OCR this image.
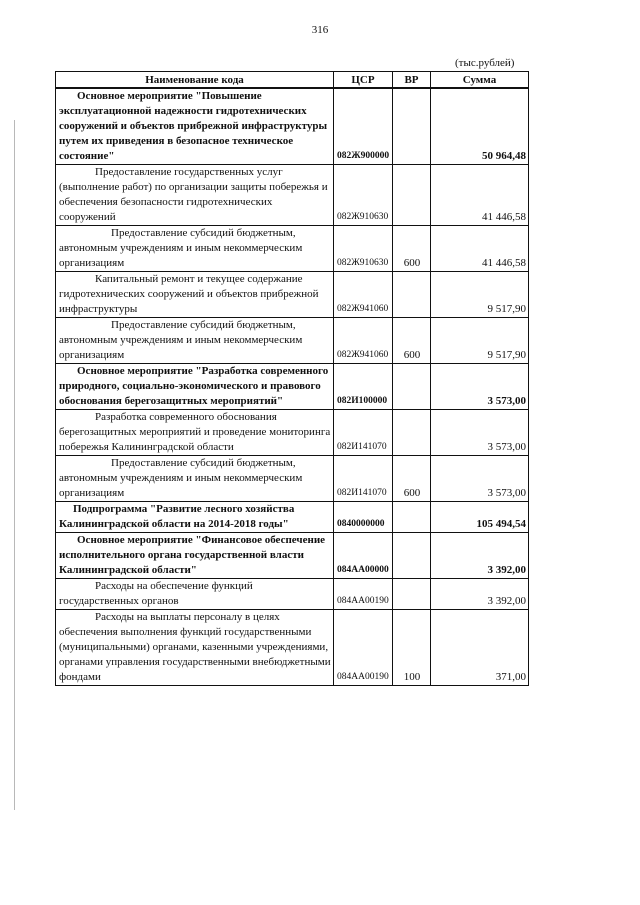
316
(тыс.рублей)
Наименование кода	ЦСР	ВР	Сумма
Основное мероприятие "Повышение эксплуатационной надежности гидротехнических сооружений и объектов прибрежной инфраструктуры путем их приведения в безопасное техническое состояние"	082Ж900000		50 964,48
Предоставление государственных услуг (выполнение работ) по организации защиты побережья и обеспечения безопасности гидротехнических сооружений	082Ж910630		41 446,58
Предоставление субсидий бюджетным, автономным учреждениям и иным некоммерческим организациям	082Ж910630	600	41 446,58
Капитальный ремонт и текущее содержание гидротехнических сооружений и объектов прибрежной инфраструктуры	082Ж941060		9 517,90
Предоставление субсидий бюджетным, автономным учреждениям и иным некоммерческим организациям	082Ж941060	600	9 517,90
Основное мероприятие "Разработка современного природного, социально-экономического и правового обоснования берегозащитных мероприятий"	082И100000		3 573,00
Разработка современного обоснования берегозащитных мероприятий и проведение мониторинга побережья Калининградской области	082И141070		3 573,00
Предоставление субсидий бюджетным, автономным учреждениям и иным некоммерческим организациям	082И141070	600	3 573,00
Подпрограмма "Развитие лесного хозяйства Калининградской области на 2014-2018 годы"	0840000000		105 494,54
Основное мероприятие "Финансовое обеспечение исполнительного органа государственной власти Калининградской области"	084АА00000		3 392,00
Расходы на обеспечение функций государственных органов	084АА00190		3 392,00
Расходы на выплаты персоналу в целях обеспечения выполнения функций государственными (муниципальными) органами, казенными учреждениями, органами управления государственными внебюджетными фондами	084АА00190	100	371,00
